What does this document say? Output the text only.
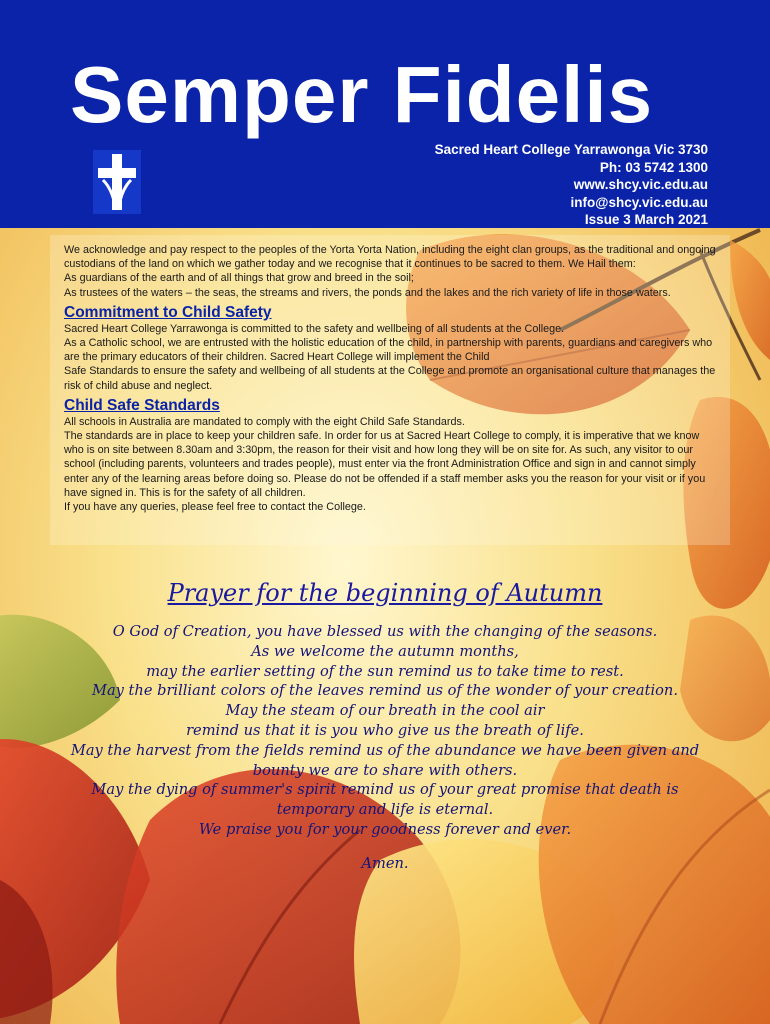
Semper Fidelis
Sacred Heart College Yarrawonga Vic 3730
Ph: 03 5742 1300
www.shcy.vic.edu.au
info@shcy.vic.edu.au
Issue 3 March 2021

We acknowledge and pay respect to the peoples of the Yorta Yorta Nation, including the eight clan groups, as the traditional and ongoing custodians of the land on which we gather today and we recognise that it continues to be sacred to them. We Hail them:

As guardians of the earth and of all things that grow and breed in the soil;

As trustees of the waters – the seas, the streams and rivers, the ponds and the lakes and the rich variety of life in those waters.

Commitment to Child Safety

Sacred Heart College Yarrawonga is committed to the safety and wellbeing of all students at the College.

As a Catholic school, we are entrusted with the holistic education of the child, in partnership with parents, guardians and caregivers who are the primary educators of their children. Sacred Heart College will implement the Child

Safe Standards to ensure the safety and wellbeing of all students at the College and promote an organisational culture that manages the risk of child abuse and neglect.

Child Safe Standards

All schools in Australia are mandated to comply with the eight Child Safe Standards.

The standards are in place to keep your children safe. In order for us at Sacred Heart College to comply, it is imperative that we know who is on site between 8.30am and 3:30pm, the reason for their visit and how long they will be on site for. As such, any visitor to our school (including parents, volunteers and trades people), must enter via the front Administration Office and sign in and cannot simply enter any of the learning areas before doing so. Please do not be offended if a staff member asks you the reason for your visit or if you have signed in. This is for the safety of all children.

If you have any queries, please feel free to contact the College.

Prayer for the beginning of Autumn
O God of Creation, you have blessed us with the changing of the seasons.
As we welcome the autumn months,
may the earlier setting of the sun remind us to take time to rest.
May the brilliant colors of the leaves remind us of the wonder of your creation.
May the steam of our breath in the cool air
remind us that it is you who give us the breath of life.
May the harvest from the fields remind us of the abundance we have been given and
bounty we are to share with others.
May the dying of summer's spirit remind us of your great promise that death is
temporary and life is eternal.
We praise you for your goodness forever and ever.
Amen.
